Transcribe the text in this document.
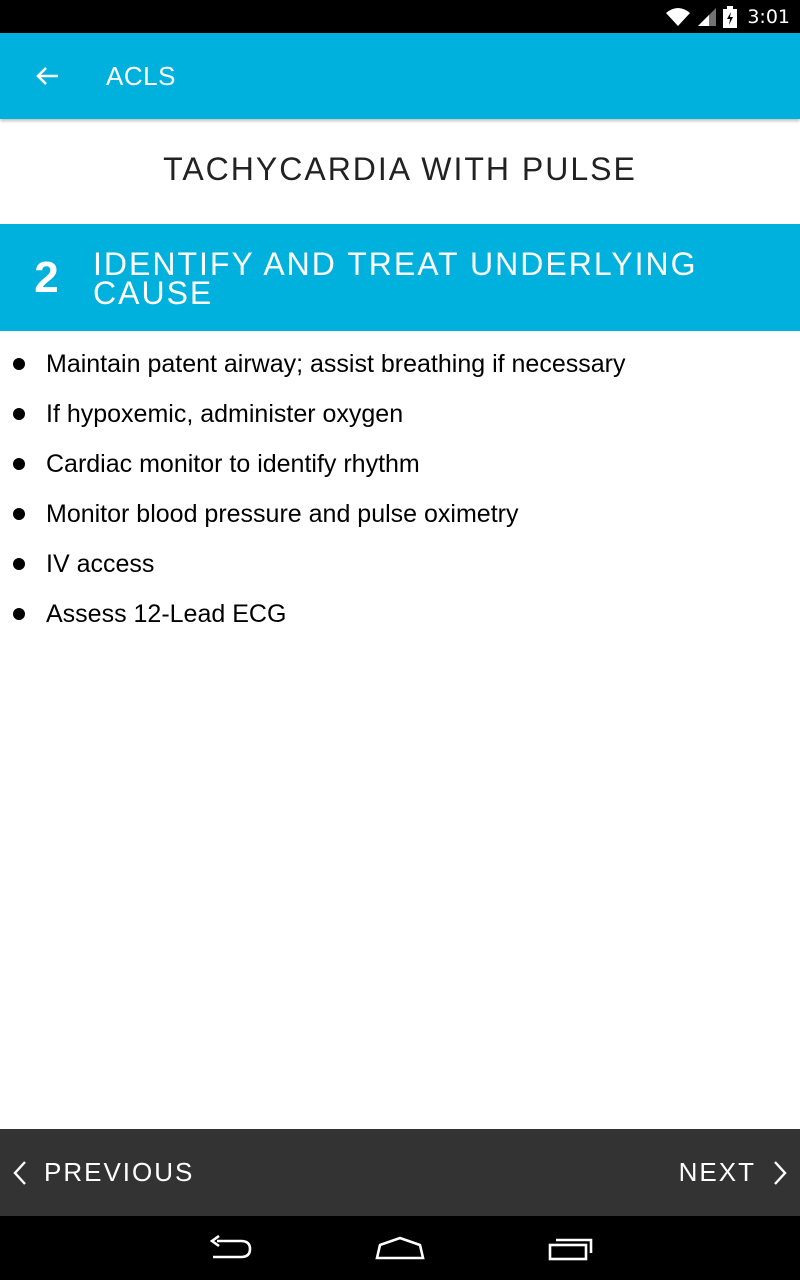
3:01
ACLS
TACHYCARDIA WITH PULSE
2	IDENTIFY AND TREAT UNDERLYING CAUSE
Maintain patent airway; assist breathing if necessary
If hypoxemic, administer oxygen
Cardiac monitor to identify rhythm
Monitor blood pressure and pulse oximetry
IV access
Assess 12-Lead ECG
PREVIOUS	NEXT
